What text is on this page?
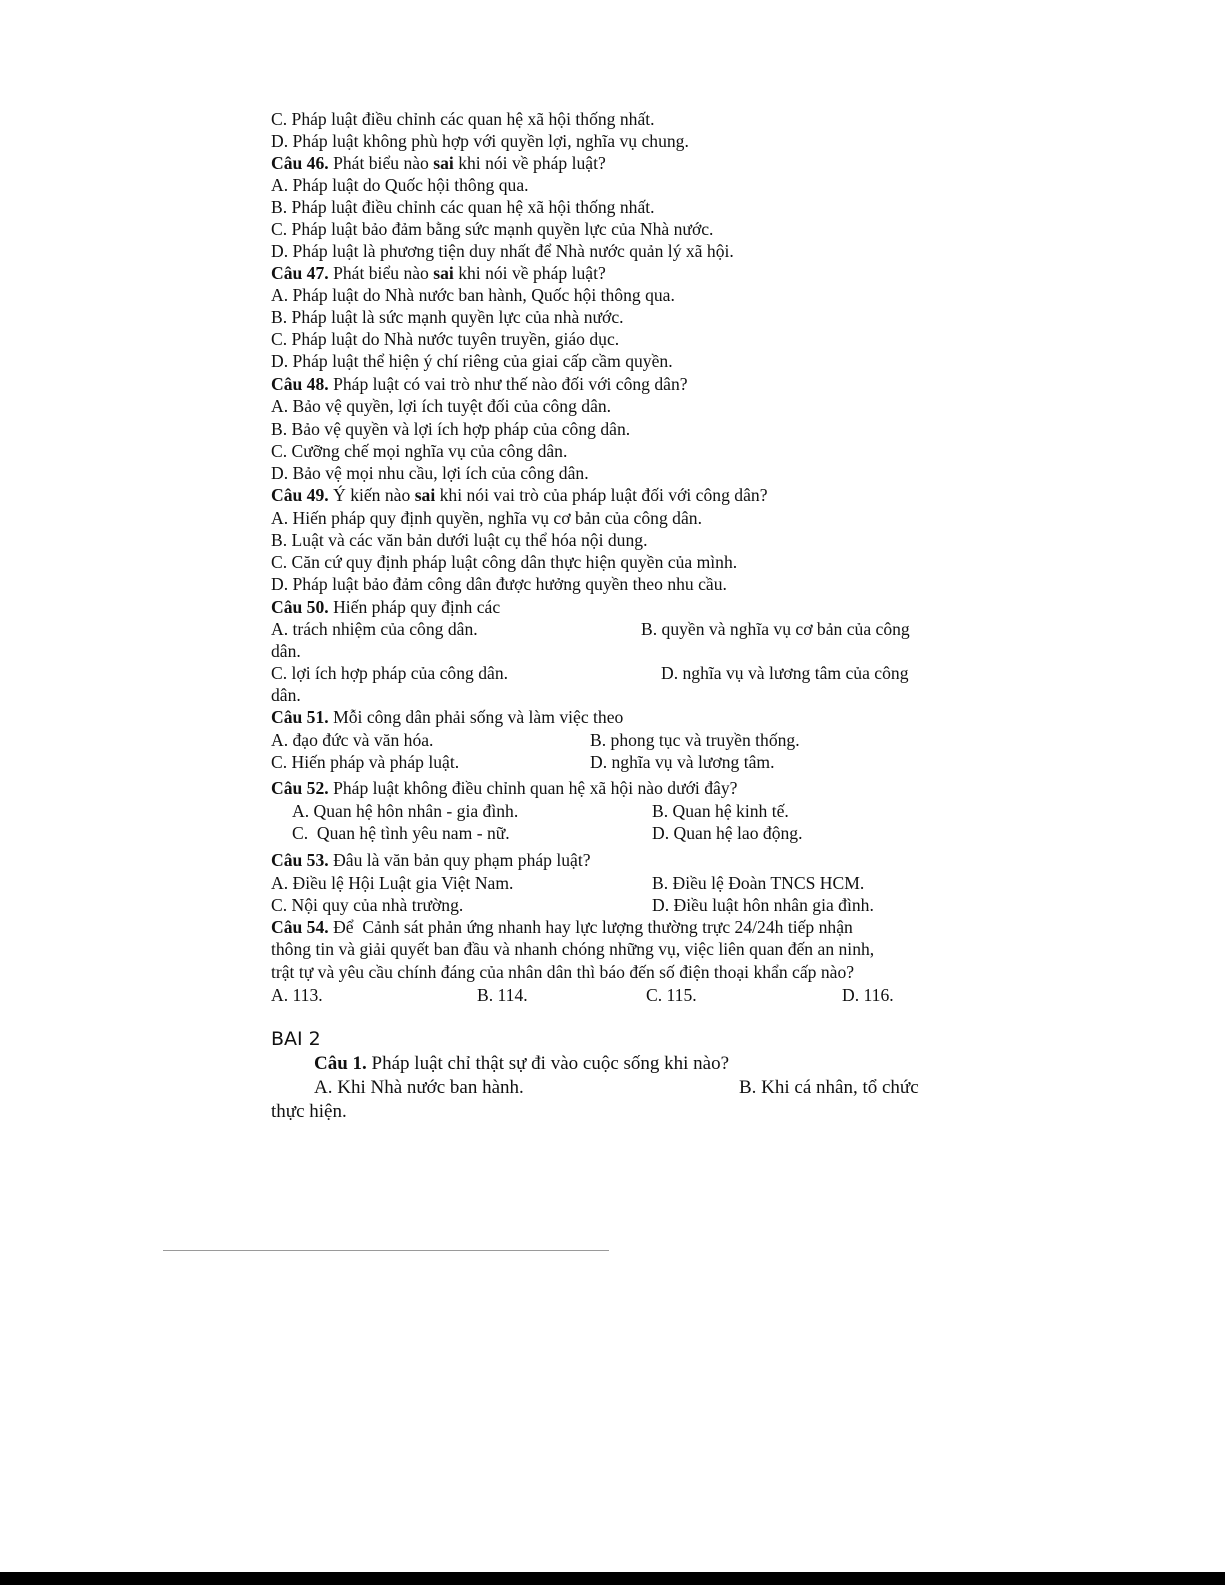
C. Pháp luật điều chỉnh các quan hệ xã hội thống nhất.
D. Pháp luật không phù hợp với quyền lợi, nghĩa vụ chung.
Câu 46. Phát biểu nào sai khi nói về pháp luật?
A. Pháp luật do Quốc hội thông qua.
B. Pháp luật điều chỉnh các quan hệ xã hội thống nhất.
C. Pháp luật bảo đảm bằng sức mạnh quyền lực của Nhà nước.
D. Pháp luật là phương tiện duy nhất để Nhà nước quản lý xã hội.
Câu 47. Phát biểu nào sai khi nói về pháp luật?
A. Pháp luật do Nhà nước ban hành, Quốc hội thông qua.
B. Pháp luật là sức mạnh quyền lực của nhà nước.
C. Pháp luật do Nhà nước tuyên truyền, giáo dục.
D. Pháp luật thể hiện ý chí riêng của giai cấp cầm quyền.
Câu 48. Pháp luật có vai trò như thế nào đối với công dân?
A. Bảo vệ quyền, lợi ích tuyệt đối của công dân.
B. Bảo vệ quyền và lợi ích hợp pháp của công dân.
C. Cưỡng chế mọi nghĩa vụ của công dân.
D. Bảo vệ mọi nhu cầu, lợi ích của công dân.
Câu 49. Ý kiến nào sai khi nói vai trò của pháp luật đối với công dân?
A. Hiến pháp quy định quyền, nghĩa vụ cơ bản của công dân.
B. Luật và các văn bản dưới luật cụ thể hóa nội dung.
C. Căn cứ quy định pháp luật công dân thực hiện quyền của mình.
D. Pháp luật bảo đảm công dân được hưởng quyền theo nhu cầu.
Câu 50. Hiến pháp quy định các
A. trách nhiệm của công dân.	B. quyền và nghĩa vụ cơ bản của công
dân.
C. lợi ích hợp pháp của công dân.	D. nghĩa vụ và lương tâm của công
dân.
Câu 51. Mỗi công dân phải sống và làm việc theo
A. đạo đức và văn hóa.	B. phong tục và truyền thống.
C. Hiến pháp và pháp luật.	D. nghĩa vụ và lương tâm.
Câu 52. Pháp luật không điều chỉnh quan hệ xã hội nào dưới đây?
A. Quan hệ hôn nhân - gia đình.	B. Quan hệ kinh tế.
C.  Quan hệ tình yêu nam - nữ.	D. Quan hệ lao động.
Câu 53. Đâu là văn bản quy phạm pháp luật?
A. Điều lệ Hội Luật gia Việt Nam.	B. Điều lệ Đoàn TNCS HCM.
C. Nội quy của nhà trường.	D. Điều luật hôn nhân gia đình.
Câu 54. Để  Cảnh sát phản ứng nhanh hay lực lượng thường trực 24/24h tiếp nhận
thông tin và giải quyết ban đầu và nhanh chóng những vụ, việc liên quan đến an ninh,
trật tự và yêu cầu chính đáng của nhân dân thì báo đến số điện thoại khẩn cấp nào?
A. 113.	B. 114.	C. 115.	D. 116.
BAI 2
Câu 1. Pháp luật chỉ thật sự đi vào cuộc sống khi nào?
A. Khi Nhà nước ban hành.	B. Khi cá nhân, tổ chức
thực hiện.
